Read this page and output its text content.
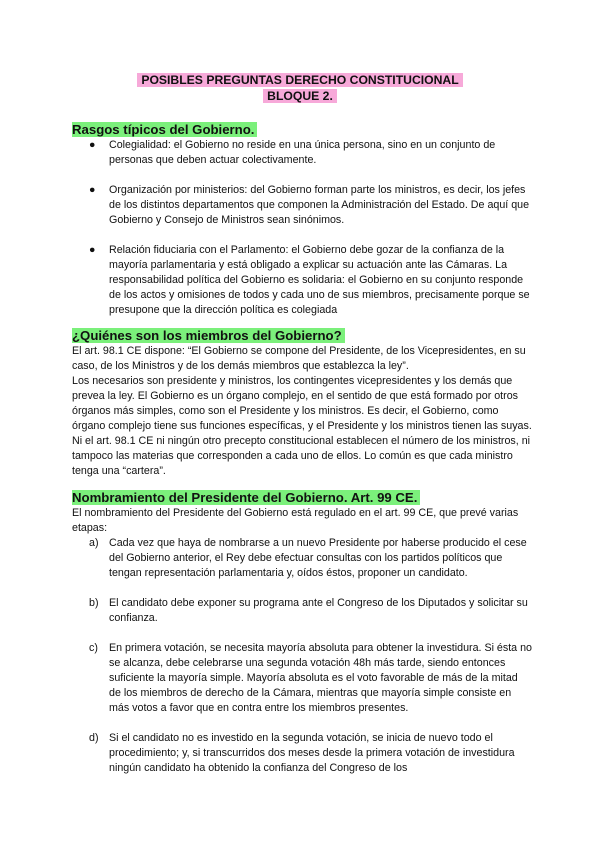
POSIBLES PREGUNTAS DERECHO CONSTITUCIONAL
BLOQUE 2.
Rasgos típicos del Gobierno.
● Colegialidad: el Gobierno no reside en una única persona, sino en un conjunto de personas que deben actuar colectivamente.
● Organización por ministerios: del Gobierno forman parte los ministros, es decir, los jefes de los distintos departamentos que componen la Administración del Estado. De aquí que Gobierno y Consejo de Ministros sean sinónimos.
● Relación fiduciaria con el Parlamento: el Gobierno debe gozar de la confianza de la mayoría parlamentaria y está obligado a explicar su actuación ante las Cámaras. La responsabilidad política del Gobierno es solidaria: el Gobierno en su conjunto responde de los actos y omisiones de todos y cada uno de sus miembros, precisamente porque se presupone que la dirección política es colegiada
¿Quiénes son los miembros del Gobierno?

El art. 98.1 CE dispone: “El Gobierno se compone del Presidente, de los Vicepresidentes, en su caso, de los Ministros y de los demás miembros que establezca la ley”.

Los necesarios son presidente y ministros, los contingentes vicepresidentes y los demás que prevea la ley. El Gobierno es un órgano complejo, en el sentido de que está formado por otros órganos más simples, como son el Presidente y los ministros. Es decir, el Gobierno, como órgano complejo tiene sus funciones específicas, y el Presidente y los ministros tienen las suyas. Ni el art. 98.1 CE ni ningún otro precepto constitucional establecen el número de los ministros, ni tampoco las materias que corresponden a cada uno de ellos. Lo común es que cada ministro tenga una “cartera”.

Nombramiento del Presidente del Gobierno. Art. 99 CE.

El nombramiento del Presidente del Gobierno está regulado en el art. 99 CE, que prevé varias etapas:

a) Cada vez que haya de nombrarse a un nuevo Presidente por haberse producido el cese del Gobierno anterior, el Rey debe efectuar consultas con los partidos políticos que tengan representación parlamentaria y, oídos éstos, proponer un candidato.
b) El candidato debe exponer su programa ante el Congreso de los Diputados y solicitar su confianza.
c) En primera votación, se necesita mayoría absoluta para obtener la investidura. Si ésta no se alcanza, debe celebrarse una segunda votación 48h más tarde, siendo entonces suficiente la mayoría simple. Mayoría absoluta es el voto favorable de más de la mitad de los miembros de derecho de la Cámara, mientras que mayoría simple consiste en más votos a favor que en contra entre los miembros presentes.
d) Si el candidato no es investido en la segunda votación, se inicia de nuevo todo el procedimiento; y, si transcurridos dos meses desde la primera votación de investidura ningún candidato ha obtenido la confianza del Congreso de los
